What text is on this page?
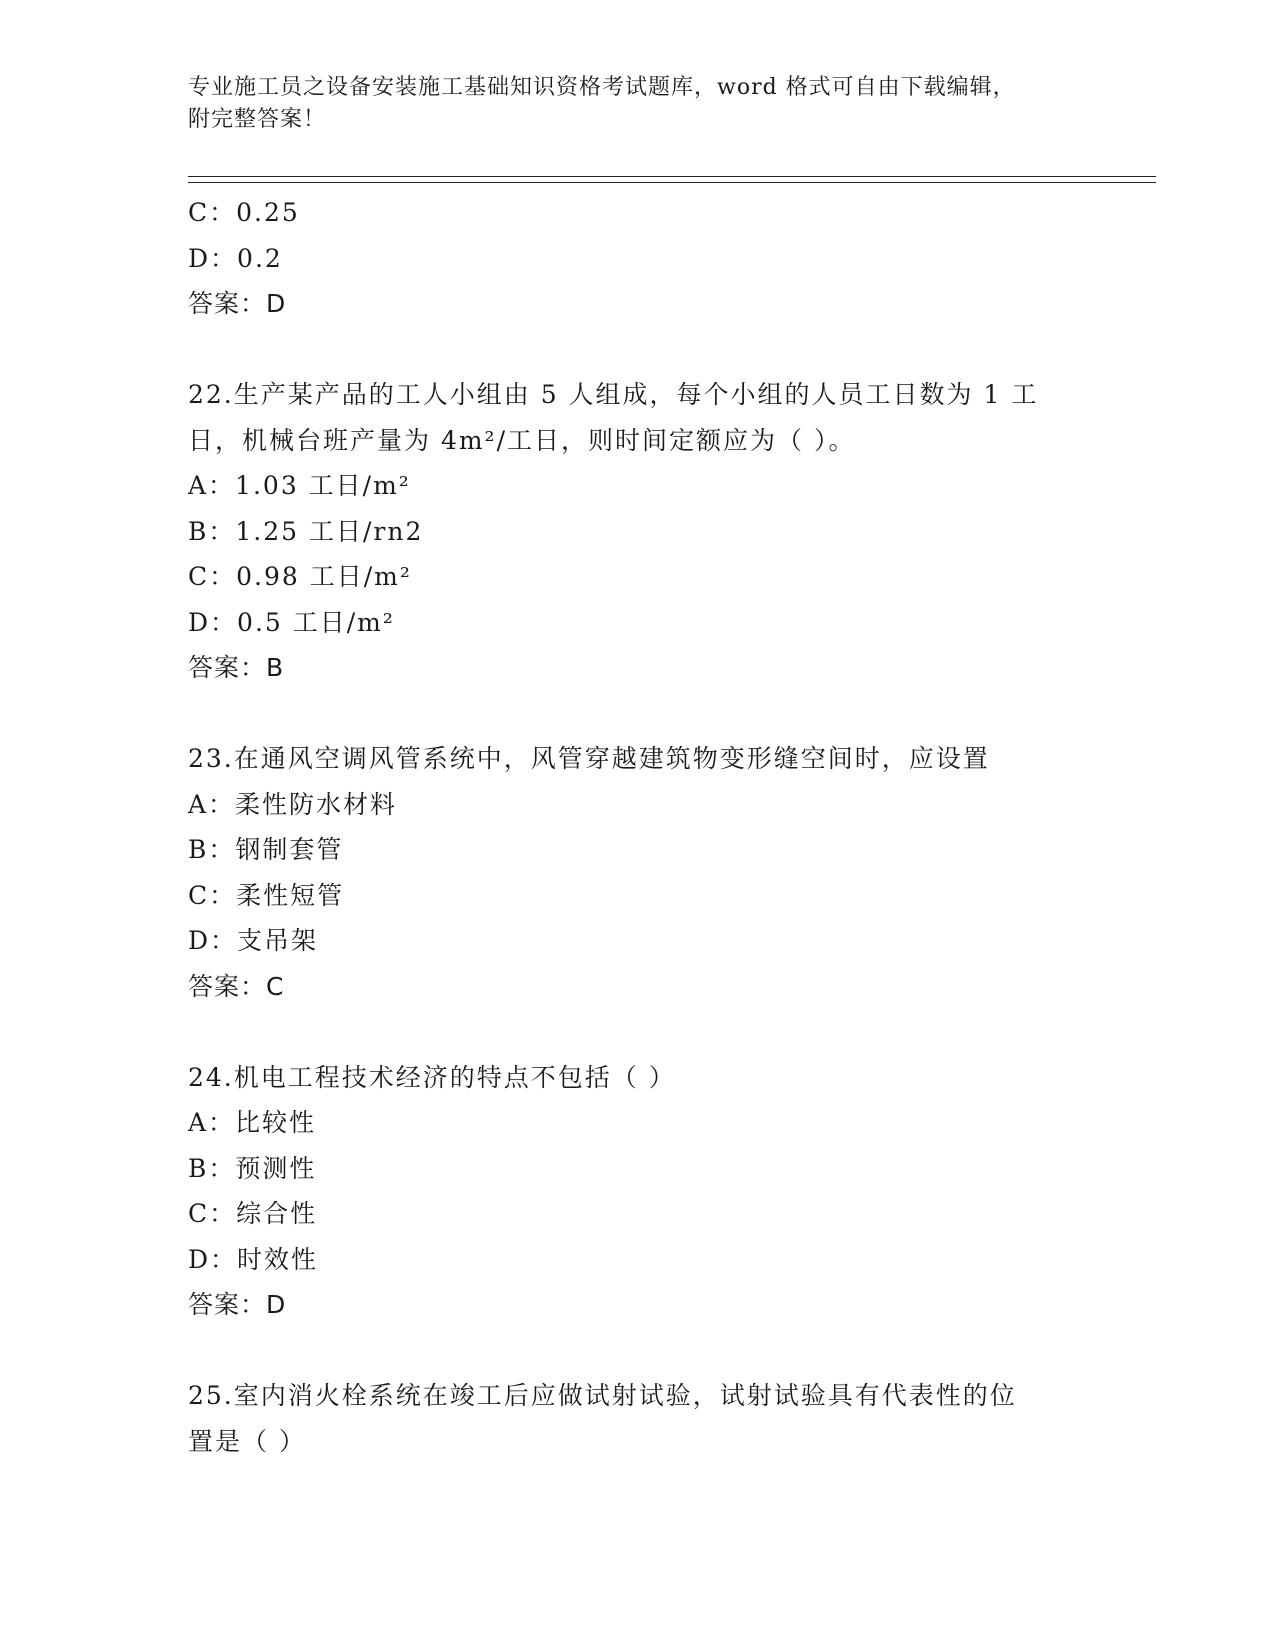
专业施工员之设备安装施工基础知识资格考试题库，word 格式可自由下载编辑，
附完整答案！
C：0.25
D：0.2
答案：D
22.生产某产品的工人小组由 5 人组成，每个小组的人员工日数为 1 工
日，机械台班产量为 4m²/工日，则时间定额应为（ ）。
A：1.03 工日/m²
B：1.25 工日/rn2
C：0.98 工日/m²
D：0.5 工日/m²
答案：B
23.在通风空调风管系统中，风管穿越建筑物变形缝空间时，应设置
A：柔性防水材料
B：钢制套管
C：柔性短管
D：支吊架
答案：C
24.机电工程技术经济的特点不包括（ ）
A：比较性
B：预测性
C：综合性
D：时效性
答案：D
25.室内消火栓系统在竣工后应做试射试验，试射试验具有代表性的位
置是（ ）
